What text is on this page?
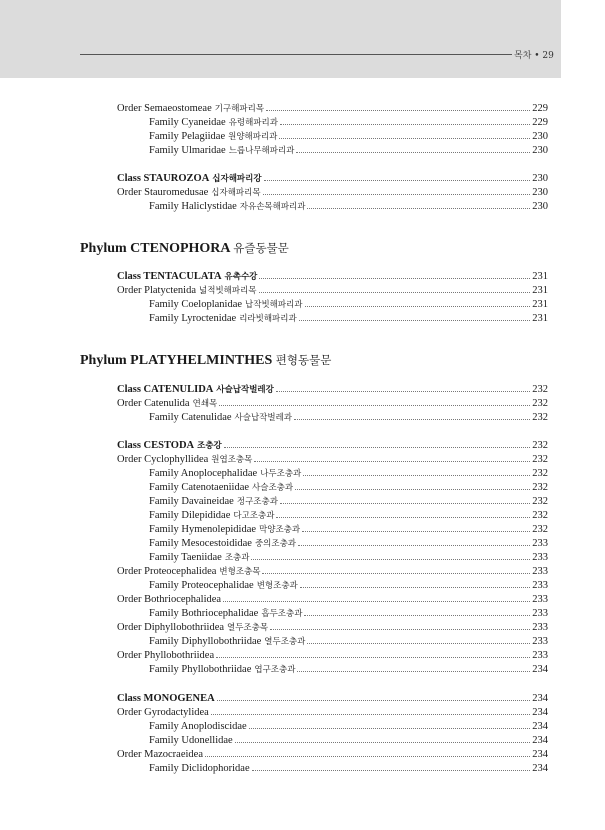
목차 • 29
Order Semaeostomeae 기구해파리목	229
Family Cyaneidae 유령해파리과	229
Family Pelagiidae 원양해파리과	230
Family Ulmaridae 느릅나무해파리과	230
Class STAUROZOA 십자해파리강	230
Order Stauromedusae 십자해파리목	230
Family Haliclystidae 자유손목해파리과	230
Phylum CTENOPHORA 유즐동물문
Class TENTACULATA 유촉수강	231
Order Platyctenida 넓적빗해파리목	231
Family Coeloplanidae 납작빗해파리과	231
Family Lyroctenidae 리라빗해파리과	231
Phylum PLATYHELMINTHES 편형동물문
Class CATENULIDA 사슬납작벌레강	232
Order Catenulida 연쇄목	232
Family Catenulidae 사슬납작벌레과	232
Class CESTODA 조충강	232
Order Cyclophyllidea 원엽조충목	232
Family Anoplocephalidae 나두조충과	232
Family Catenotaeniidae 사슬조충과	232
Family Davaineidae 정구조충과	232
Family Dilepididae 다고조충과	232
Family Hymenolepididae 막양조충과	232
Family Mesocestoididae 중의조충과	233
Family Taeniidae 조충과	233
Order Proteocephalidea 변형조충목	233
Family Proteocephalidae 변형조충과	233
Order Bothriocephalidea	233
Family Bothriocephalidae 흡두조충과	233
Order Diphyllobothriidea 열두조충목	233
Family Diphyllobothriidae 열두조충과	233
Order Phyllobothriidea	233
Family Phyllobothriidae 엽구조충과	234
Class MONOGENEA	234
Order Gyrodactylidea	234
Family Anoplodiscidae	234
Family Udonellidae	234
Order Mazocraeidea	234
Family Diclidophoridae	234
